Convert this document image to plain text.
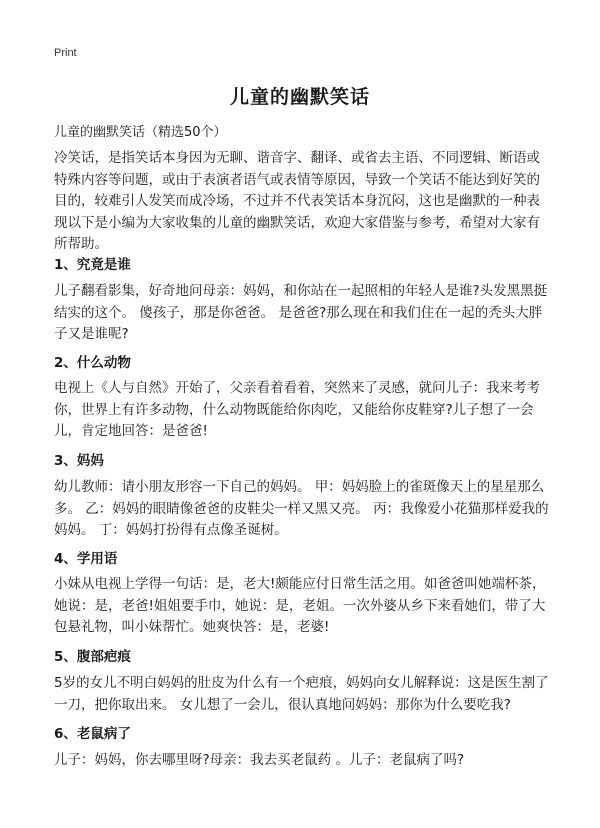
Print
儿童的幽默笑话
儿童的幽默笑话（精选50个）
冷笑话，是指笑话本身因为无聊、谐音字、翻译、或省去主语、不同逻辑、断语或特殊内容等问题，或由于表演者语气或表情等原因，导致一个笑话不能达到好笑的目的，较难引人发笑而成冷场，不过并不代表笑话本身沉闷，这也是幽默的一种表现以下是小编为大家收集的儿童的幽默笑话，欢迎大家借鉴与参考，希望对大家有所帮助。
1、究竟是谁
儿子翻看影集，好奇地问母亲：妈妈，和你站在一起照相的年轻人是谁?头发黑黑挺结实的这个。 傻孩子，那是你爸爸。 是爸爸?那么现在和我们住在一起的秃头大胖子又是谁呢?
2、什么动物
电视上《人与自然》开始了，父亲看着看着，突然来了灵感，就问儿子：我来考考你，世界上有许多动物，什么动物既能给你肉吃，又能给你皮鞋穿?儿子想了一会儿，肯定地回答：是爸爸!
3、妈妈
幼儿教师：请小朋友形容一下自己的妈妈。 甲：妈妈脸上的雀斑像天上的星星那么多。 乙：妈妈的眼睛像爸爸的皮鞋尖一样又黑又亮。 丙：我像爱小花猫那样爱我的妈妈。 丁：妈妈打扮得有点像圣诞树。
4、学用语
小妹从电视上学得一句话：是，老大!颇能应付日常生活之用。如爸爸叫她端杯茶，她说：是，老爸!姐姐要手巾，她说：是，老姐。一次外婆从乡下来看她们，带了大包悬礼物，叫小妹帮忙。她爽快答：是，老婆!
5、腹部疤痕
5岁的女儿不明白妈妈的肚皮为什么有一个疤痕，妈妈向女儿解释说：这是医生割了一刀，把你取出来。 女儿想了一会儿，很认真地问妈妈：那你为什么要吃我?
6、老鼠病了
儿子：妈妈，你去哪里呀?母亲：我去买老鼠药 。儿子：老鼠病了吗?
